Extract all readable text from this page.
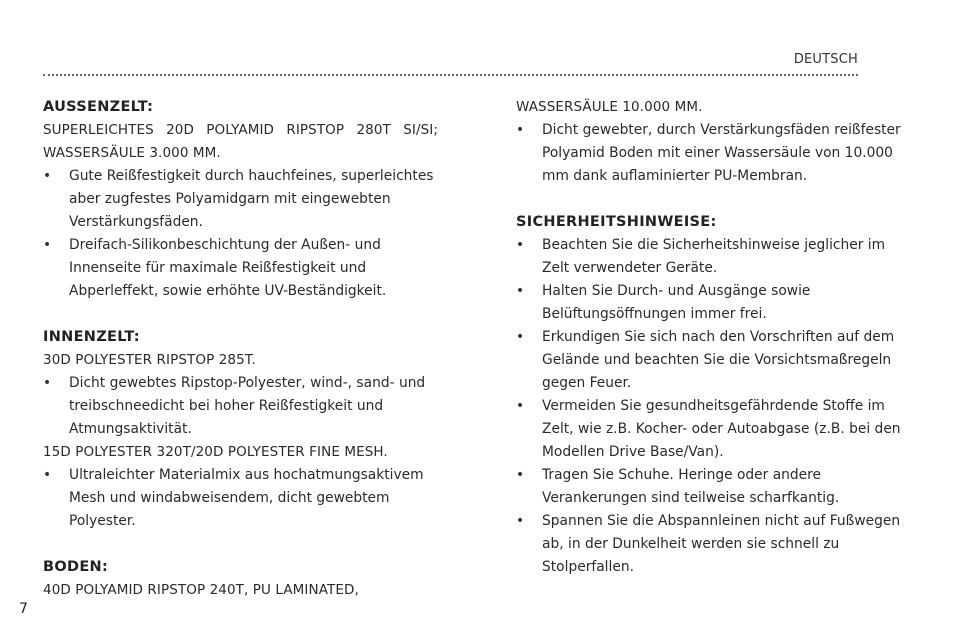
DEUTSCH

AUSSENZELT:

SUPERLEICHTES 20D POLYAMID RIPSTOP 280T SI/SI; WASSERSÄULE 3.000 MM.

• Gute Reißfestigkeit durch hauchfeines, superleichtes aber zugfestes Polyamidgarn mit eingewebten Verstärkungsfäden.
• Dreifach-Silikonbeschichtung der Außen- und Innenseite für maximale Reißfestigkeit und Abperleffekt, sowie erhöhte UV-Beständigkeit.

INNENZELT:

30D POLYESTER RIPSTOP 285T.

• Dicht gewebtes Ripstop-Polyester, wind-, sand- und treibschneedicht bei hoher Reißfestigkeit und Atmungsaktivität.

15D POLYESTER 320T/20D POLYESTER FINE MESH.

• Ultraleichter Materialmix aus hochatmungsaktivem Mesh und windabweisendem, dicht gewebtem Polyester.

BODEN:

40D POLYAMID RIPSTOP 240T, PU LAMINATED,

WASSERSÄULE 10.000 MM.

• Dicht gewebter, durch Verstärkungsfäden reißfester Polyamid Boden mit einer Wassersäule von 10.000 mm dank auflaminierter PU-Membran.

SICHERHEITSHINWEISE:

• Beachten Sie die Sicherheitshinweise jeglicher im Zelt verwendeter Geräte.
• Halten Sie Durch- und Ausgänge sowie Belüftungsöffnungen immer frei.
• Erkundigen Sie sich nach den Vorschriften auf dem Gelände und beachten Sie die Vorsichtsmaßregeln gegen Feuer.
• Vermeiden Sie gesundheitsgefährdende Stoffe im Zelt, wie z.B. Kocher- oder Autoabgase (z.B. bei den Modellen Drive Base/Van).
• Tragen Sie Schuhe. Heringe oder andere Verankerungen sind teilweise scharfkantig.
• Spannen Sie die Abspannleinen nicht auf Fußwegen ab, in der Dunkelheit werden sie schnell zu Stolperfallen.
7
